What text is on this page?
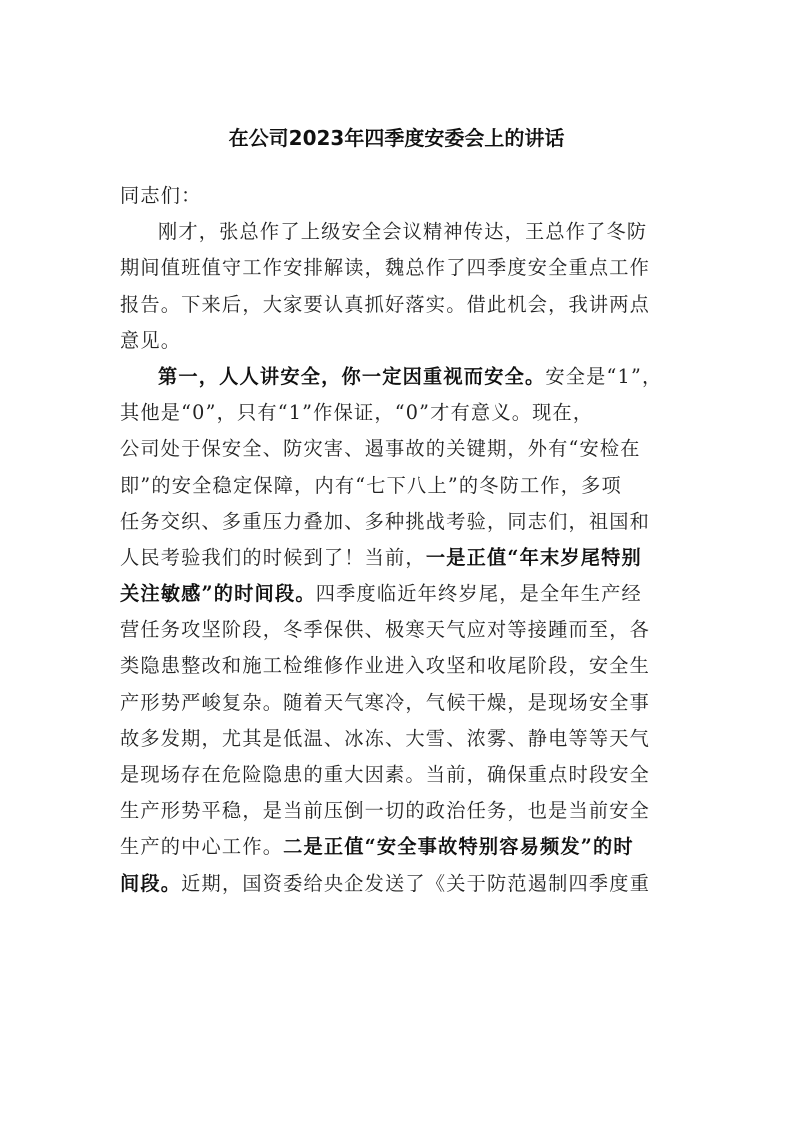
在公司2023年四季度安委会上的讲话
同志们：
刚才，张总作了上级安全会议精神传达，王总作了冬防
期间值班值守工作安排解读，魏总作了四季度安全重点工作
报告。下来后，大家要认真抓好落实。借此机会，我讲两点
意见。
第一，人人讲安全，你一定因重视而安全。安全是“1”，
其他是“0”，只有“1”作保证，“0”才有意义。现在，
公司处于保安全、防灾害、遏事故的关键期，外有“安检在
即”的安全稳定保障，内有“七下八上”的冬防工作，多项
任务交织、多重压力叠加、多种挑战考验，同志们，祖国和
人民考验我们的时候到了！当前，一是正值“年末岁尾特别
关注敏感”的时间段。四季度临近年终岁尾，是全年生产经
营任务攻坚阶段，冬季保供、极寒天气应对等接踵而至，各
类隐患整改和施工检维修作业进入攻坚和收尾阶段，安全生
产形势严峻复杂。随着天气寒冷，气候干燥，是现场安全事
故多发期，尤其是低温、冰冻、大雪、浓雾、静电等等天气
是现场存在危险隐患的重大因素。当前，确保重点时段安全
生产形势平稳，是当前压倒一切的政治任务，也是当前安全
生产的中心工作。二是正值“安全事故特别容易频发”的时
间段。近期，国资委给央企发送了《关于防范遏制四季度重
